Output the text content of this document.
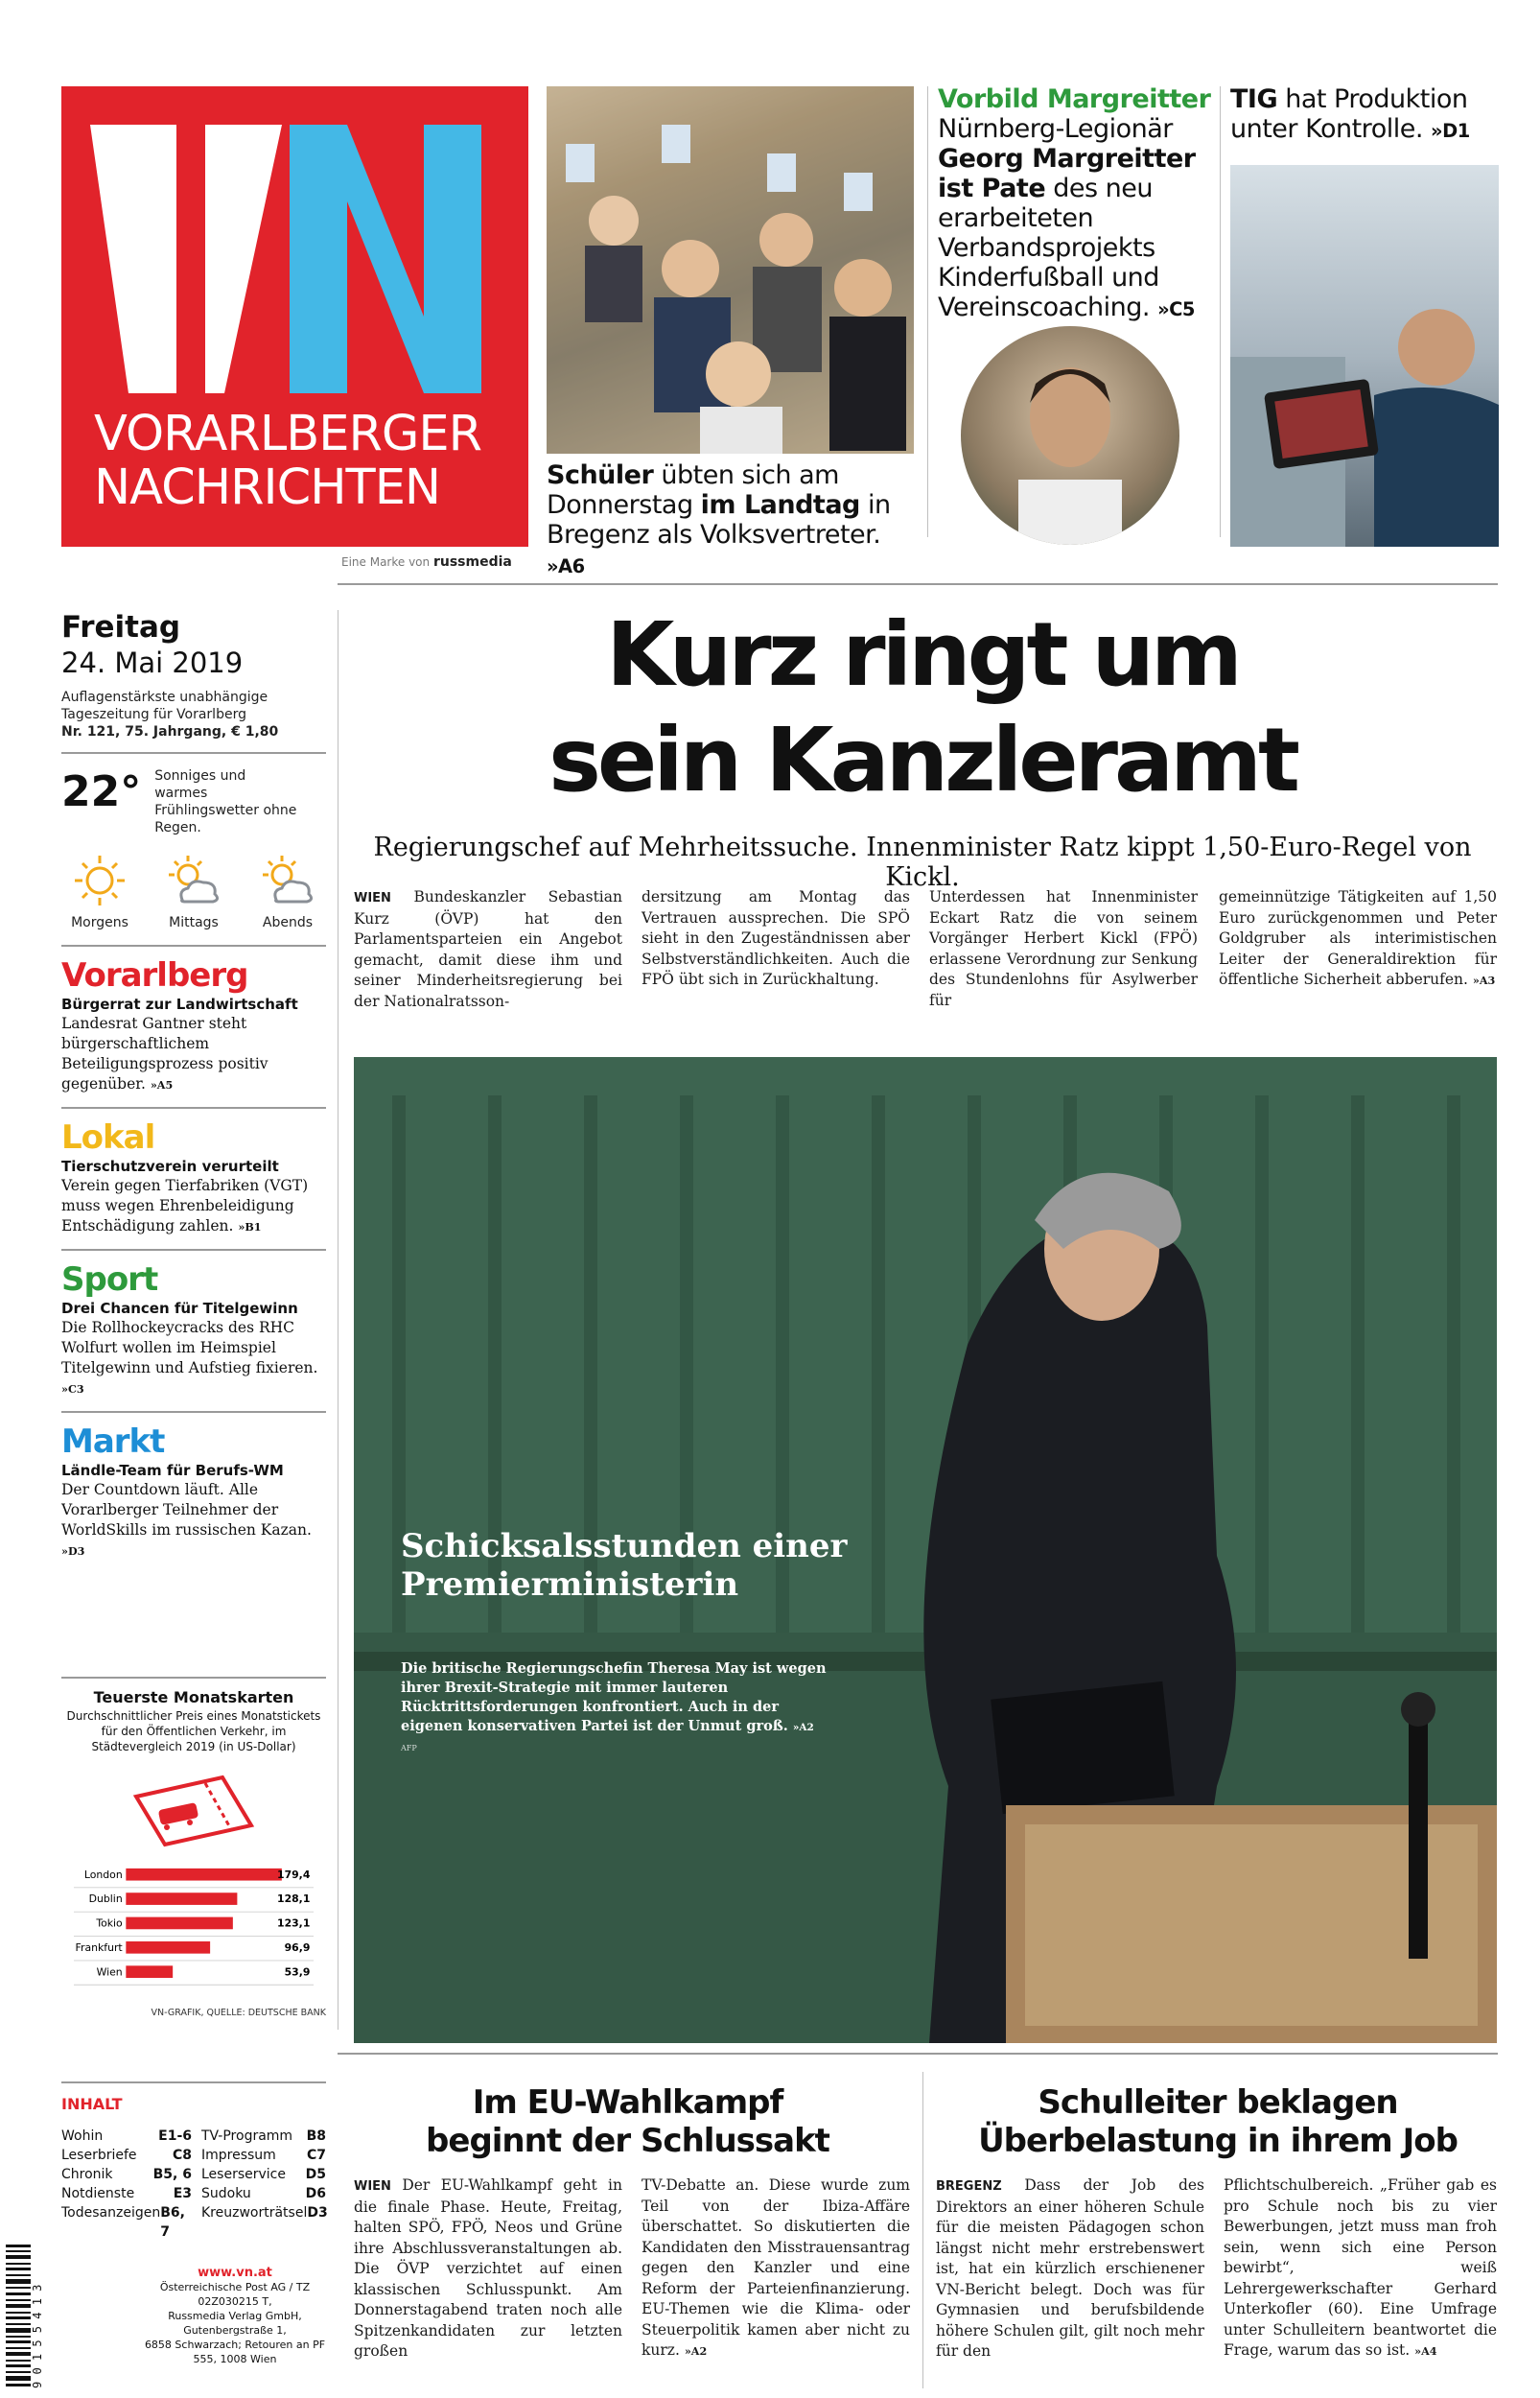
VORARLBERGER
NACHRICHTEN
Eine Marke von russmedia
Schüler übten sich am Donnerstag im Landtag in Bregenz als Volksvertreter. »A6
Vorbild Margreitter
Nürnberg-Legionär
Georg Margreitter ist Pate des neu erarbeiteten Verbandsprojekts Kinderfußball und Vereinscoaching. »C5
TIG hat Produktion unter Kontrolle. »D1
Freitag
24. Mai 2019
Auflagenstärkste unabhängige
Tageszeitung für Vorarlberg
Nr. 121, 75. Jahrgang, € 1,80
22° Sonniges und warmes Frühlingswetter ohne Regen.
Morgens	Mittags	Abends
Vorarlberg
Bürgerrat zur Landwirtschaft
Landesrat Gantner steht bürgerschaftlichem Beteiligungsprozess positiv gegenüber. »A5
Lokal
Tierschutzverein verurteilt
Verein gegen Tierfabriken (VGT) muss wegen Ehrenbeleidigung Entschädigung zahlen. »B1
Sport
Drei Chancen für Titelgewinn
Die Rollhockeycracks des RHC Wolfurt wollen im Heimspiel Titelgewinn und Aufstieg fixieren. »C3
Markt
Ländle-Team für Berufs-WM
Der Countdown läuft. Alle Vorarlberger Teilnehmer der WorldSkills im russischen Kazan. »D3
Teuerste Monatskarten
Durchschnittlicher Preis eines Monatstickets für den Öffentlichen Verkehr, im Städtevergleich 2019 (in US-Dollar)
London	179,4
Dublin	128,1
Tokio	123,1
Frankfurt	96,9
Wien	53,9
VN-GRAFIK, QUELLE: DEUTSCHE BANK
INHALT
Wohin	E1-6
Leserbriefe	C8
Chronik	B5, 6
Notdienste	E3
Todesanzeigen B6, 7
TV-Programm	B8
Impressum	C7
Leserservice	D5
Sudoku	D6
Kreuzworträtsel D3
9 0 1 5 5 4 1 3
www.vn.at
Österreichische Post AG / TZ 02Z030215 T,
Russmedia Verlag GmbH, Gutenbergstraße 1,
6858 Schwarzach; Retouren an PF 555, 1008 Wien
Kurz ringt um
sein Kanzleramt
Regierungschef auf Mehrheitssuche. Innenminister Ratz kippt 1,50-Euro-Regel von Kickl.
WIEN Bundeskanzler Sebastian Kurz (ÖVP) hat den Parlamentsparteien ein Angebot gemacht, damit diese ihm und seiner Minderheitsregierung bei der Nationalratsson-
dersitzung am Montag das Vertrauen aussprechen. Die SPÖ sieht in den Zugeständnissen aber Selbstverständlichkeiten. Auch die FPÖ übt sich in Zurückhaltung.
Unterdessen hat Innenminister Eckart Ratz die von seinem Vorgänger Herbert Kickl (FPÖ) erlassene Verordnung zur Senkung des Stundenlohns für Asylwerber für
gemeinnützige Tätigkeiten auf 1,50 Euro zurückgenommen und Peter Goldgruber als interimistischen Leiter der Generaldirektion für öffentliche Sicherheit abberufen. »A3
Schicksalsstunden einer Premierministerin
Die britische Regierungschefin Theresa May ist wegen ihrer Brexit-Strategie mit immer lauteren Rücktrittsforderungen konfrontiert. Auch in der eigenen konservativen Partei ist der Unmut groß. »A2 AFP
Im EU-Wahlkampf
beginnt der Schlussakt
WIEN Der EU-Wahlkampf geht in die finale Phase. Heute, Freitag, halten SPÖ, FPÖ, Neos und Grüne ihre Abschlussveranstaltungen ab. Die ÖVP verzichtet auf einen klassischen Schlusspunkt. Am Donnerstagabend traten noch alle Spitzenkandidaten zur letzten großen
TV-Debatte an. Diese wurde zum Teil von der Ibiza-Affäre überschattet. So diskutierten die Kandidaten den Misstrauensantrag gegen den Kanzler und eine Reform der Parteienfinanzierung. EU-Themen wie die Klima- oder Steuerpolitik kamen aber nicht zu kurz. »A2
Schulleiter beklagen
Überbelastung in ihrem Job
BREGENZ Dass der Job des Direktors an einer höheren Schule für die meisten Pädagogen schon längst nicht mehr erstrebenswert ist, hat ein kürzlich erschienener VN-Bericht belegt. Doch was für Gymnasien und berufsbildende höhere Schulen gilt, gilt noch mehr für den
Pflichtschulbereich. „Früher gab es pro Schule noch bis zu vier Bewerbungen, jetzt muss man froh sein, wenn sich eine Person bewirbt“, weiß Lehrergewerkschafter Gerhard Unterkofler (60). Eine Umfrage unter Schulleitern beantwortet die Frage, warum das so ist. »A4
